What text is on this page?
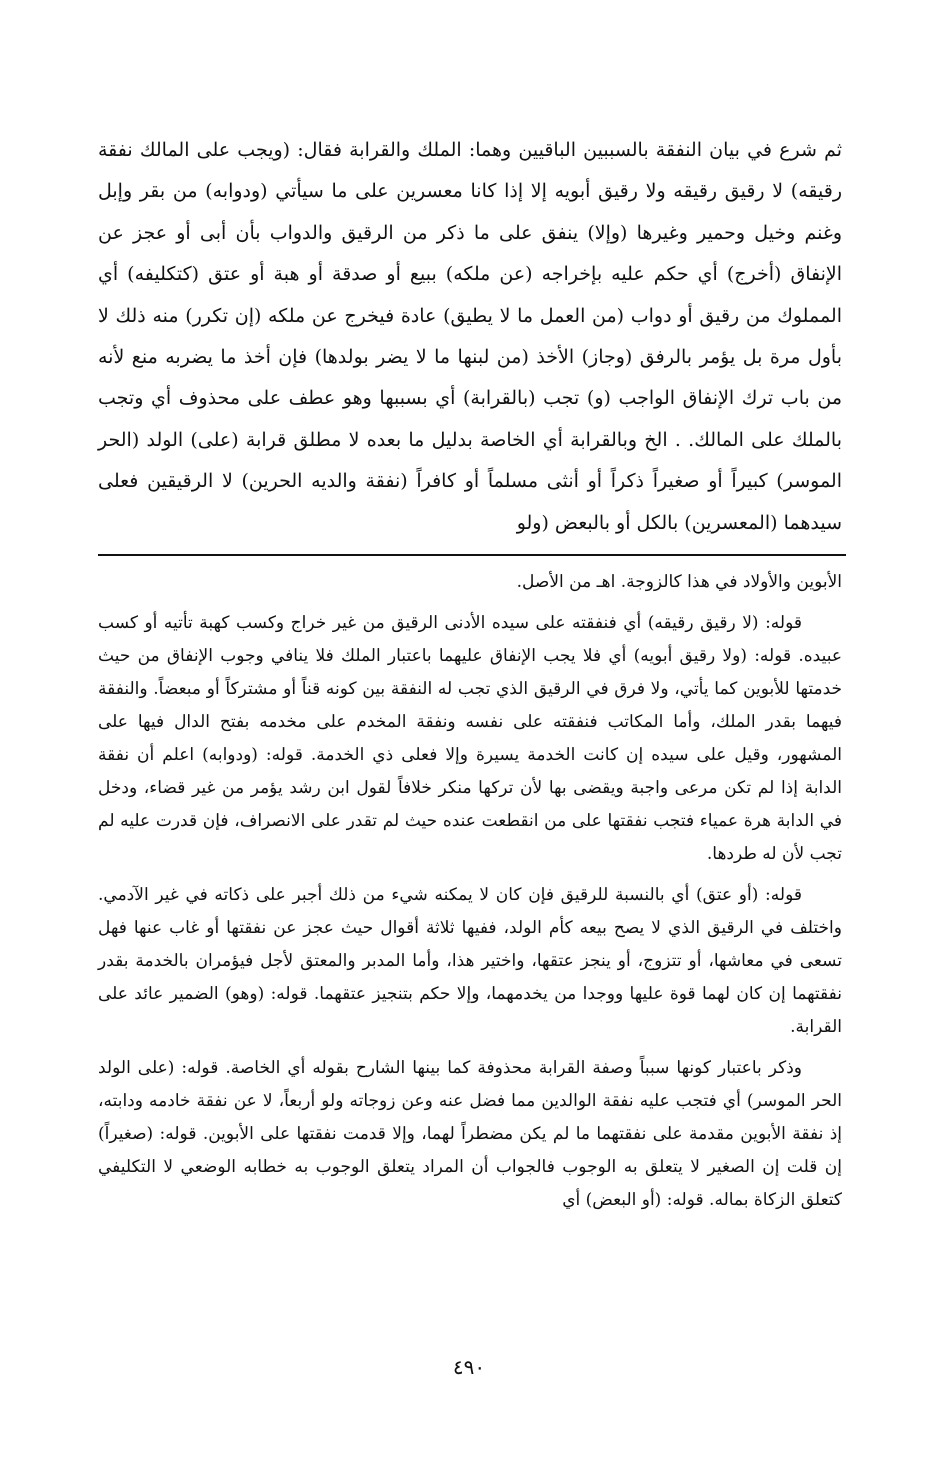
ثم شرع في بيان النفقة بالسببين الباقيين وهما: الملك والقرابة فقال: (ويجب على المالك نفقة رقيقه) لا رقيق رقيقه ولا رقيق أبويه إلا إذا كانا معسرين على ما سيأتي (ودوابه) من بقر وإبل وغنم وخيل وحمير وغيرها (وإلا) ينفق على ما ذكر من الرقيق والدواب بأن أبى أو عجز عن الإنفاق (أخرج) أي حكم عليه بإخراجه (عن ملكه) ببيع أو صدقة أو هبة أو عتق (كتكليفه) أي المملوك من رقيق أو دواب (من العمل ما لا يطيق) عادة فيخرج عن ملكه (إن تكرر) منه ذلك لا بأول مرة بل يؤمر بالرفق (وجاز) الأخذ (من لبنها ما لا يضر بولدها) فإن أخذ ما يضربه منع لأنه من باب ترك الإنفاق الواجب (و) تجب (بالقرابة) أي بسببها وهو عطف على محذوف أي وتجب بالملك على المالك. . الخ وبالقرابة أي الخاصة بدليل ما بعده لا مطلق قرابة (على) الولد (الحر الموسر) كبيراً أو صغيراً ذكراً أو أنثى مسلماً أو كافراً (نفقة والديه الحرين) لا الرقيقين فعلى سيدهما (المعسرين) بالكل أو بالبعض (ولو

الأبوين والأولاد في هذا كالزوجة. اهـ من الأصل.

قوله: (لا رقيق رقيقه) أي فنفقته على سيده الأدنى الرقيق من غير خراج وكسب كهبة تأتيه أو كسب عبيده. قوله: (ولا رقيق أبويه) أي فلا يجب الإنفاق عليهما باعتبار الملك فلا ينافي وجوب الإنفاق من حيث خدمتها للأبوين كما يأتي، ولا فرق في الرقيق الذي تجب له النفقة بين كونه قناً أو مشتركاً أو مبعضاً. والنفقة فيهما بقدر الملك، وأما المكاتب فنفقته على نفسه ونفقة المخدم على مخدمه بفتح الدال فيها على المشهور، وقيل على سيده إن كانت الخدمة يسيرة وإلا فعلى ذي الخدمة. قوله: (ودوابه) اعلم أن نفقة الدابة إذا لم تكن مرعى واجبة ويقضى بها لأن تركها منكر خلافاً لقول ابن رشد يؤمر من غير قضاء، ودخل في الدابة هرة عمياء فتجب نفقتها على من انقطعت عنده حيث لم تقدر على الانصراف، فإن قدرت عليه لم تجب لأن له طردها.

قوله: (أو عتق) أي بالنسبة للرقيق فإن كان لا يمكنه شيء من ذلك أجبر على ذكاته في غير الآدمي. واختلف في الرقيق الذي لا يصح بيعه كأم الولد، ففيها ثلاثة أقوال حيث عجز عن نفقتها أو غاب عنها فهل تسعى في معاشها، أو تتزوج، أو ينجز عتقها، واختير هذا، وأما المدبر والمعتق لأجل فيؤمران بالخدمة بقدر نفقتهما إن كان لهما قوة عليها ووجدا من يخدمهما، وإلا حكم بتنجيز عتقهما. قوله: (وهو) الضمير عائد على القرابة.

وذكر باعتبار كونها سبباً وصفة القرابة محذوفة كما بينها الشارح بقوله أي الخاصة. قوله: (على الولد الحر الموسر) أي فتجب عليه نفقة الوالدين مما فضل عنه وعن زوجاته ولو أربعاً، لا عن نفقة خادمه ودابته، إذ نفقة الأبوين مقدمة على نفقتهما ما لم يكن مضطراً لهما، وإلا قدمت نفقتها على الأبوين. قوله: (صغيراً) إن قلت إن الصغير لا يتعلق به الوجوب فالجواب أن المراد يتعلق الوجوب به خطابه الوضعي لا التكليفي كتعلق الزكاة بماله. قوله: (أو البعض) أي

٤٩٠
